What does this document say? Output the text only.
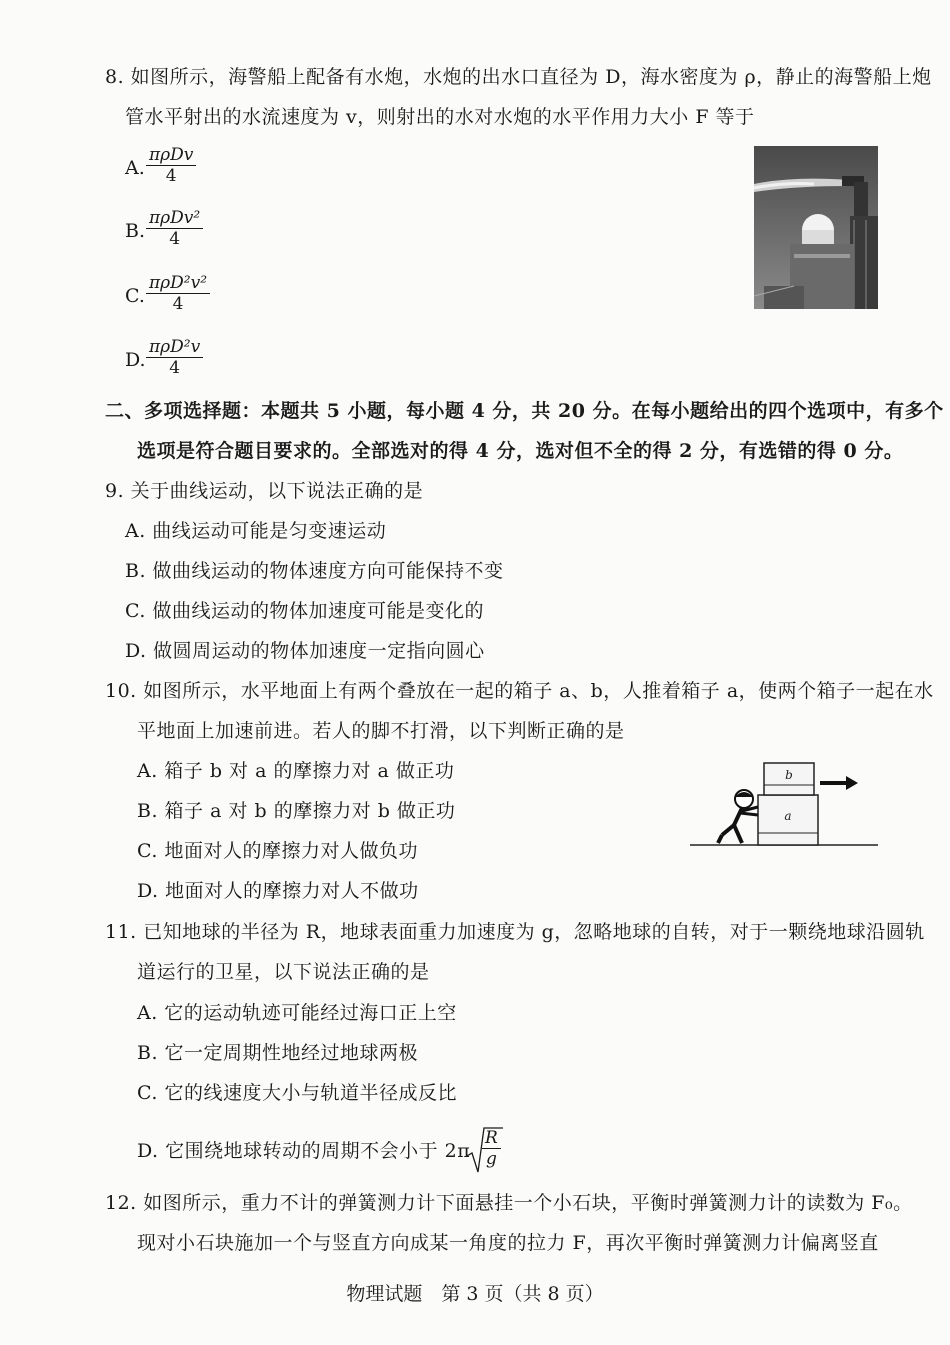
8. 如图所示，海警船上配备有水炮，水炮的出水口直径为 D，海水密度为 ρ，静止的海警船上炮
管水平射出的水流速度为 v，则射出的水对水炮的水平作用力大小 F 等于
A.
πρDv
4
B.
πρDv²
4
C.
πρD²v²
4
D.
πρD²v
4
二、多项选择题：本题共 5 小题，每小题 4 分，共 20 分。在每小题给出的四个选项中，有多个
选项是符合题目要求的。全部选对的得 4 分，选对但不全的得 2 分，有选错的得 0 分。
9. 关于曲线运动，以下说法正确的是
A. 曲线运动可能是匀变速运动
B. 做曲线运动的物体速度方向可能保持不变
C. 做曲线运动的物体加速度可能是变化的
D. 做圆周运动的物体加速度一定指向圆心
10. 如图所示，水平地面上有两个叠放在一起的箱子 a、b，人推着箱子 a，使两个箱子一起在水
平地面上加速前进。若人的脚不打滑，以下判断正确的是
A. 箱子 b 对 a 的摩擦力对 a 做正功
B. 箱子 a 对 b 的摩擦力对 b 做正功
C. 地面对人的摩擦力对人做负功
D. 地面对人的摩擦力对人不做功
a
b
11. 已知地球的半径为 R，地球表面重力加速度为 g，忽略地球的自转，对于一颗绕地球沿圆轨
道运行的卫星，以下说法正确的是
A. 它的运动轨迹可能经过海口正上空
B. 它一定周期性地经过地球两极
C. 它的线速度大小与轨道半径成反比
D. 它围绕地球转动的周期不会小于 $2\pi \frac{R}{g}$
12. 如图所示，重力不计的弹簧测力计下面悬挂一个小石块，平衡时弹簧测力计的读数为 F₀。
现对小石块施加一个与竖直方向成某一角度的拉力 F，再次平衡时弹簧测力计偏离竖直
物理试题　第 3 页（共 8 页）
